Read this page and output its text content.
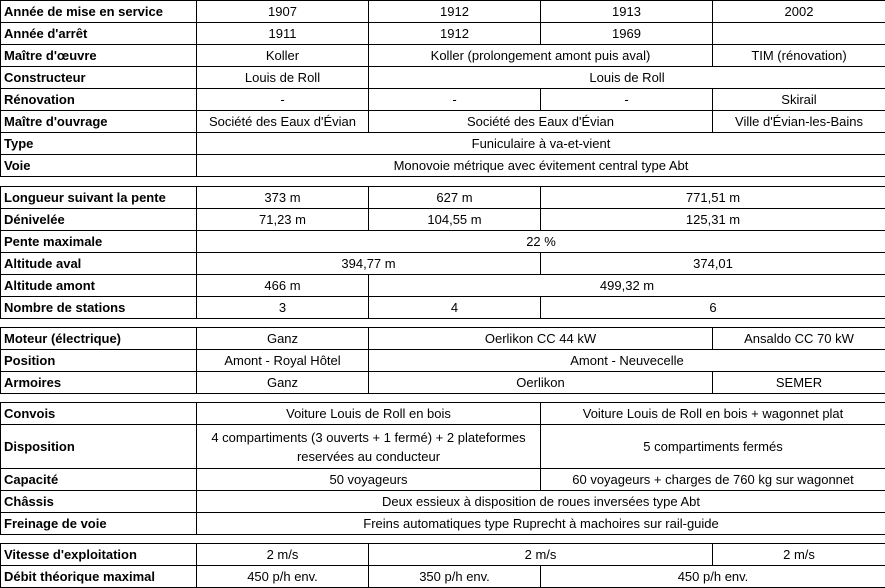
Année de mise en service	1907	1912	1913	2002
Année d'arrêt	1911	1912	1969	
Maître d'œuvre	Koller	Koller (prolongement amont puis aval)		TIM (rénovation)
Constructeur	Louis de Roll	Louis de Roll		
Rénovation	-	-	-	Skirail
Maître d'ouvrage	Société des Eaux d'Évian	Société des Eaux d'Évian		Ville d'Évian-les-Bains
Type	Funiculaire à va-et-vient			
Voie	Monovoie métrique avec évitement central type Abt			
Longueur suivant la pente	373 m	627 m	771,51 m
Dénivelée	71,23 m	104,55 m	125,31 m
Pente maximale	22 %		
Altitude aval	394,77 m		374,01
Altitude amont	466 m	499,32 m	
Nombre de stations	3	4	6
Moteur (électrique)	Ganz	Oerlikon CC 44 kW	Ansaldo CC 70 kW
Position	Amont - Royal Hôtel	Amont - Neuvecelle	
Armoires	Ganz	Oerlikon	SEMER
Convois	Voiture Louis de Roll en bois	Voiture Louis de Roll en bois + wagonnet plat
Disposition	4 compartiments (3 ouverts + 1 fermé) + 2 plateformes reservées au conducteur	5 compartiments fermés
Capacité	50 voyageurs	60 voyageurs + charges de 760 kg sur wagonnet
Châssis	Deux essieux à disposition de roues inversées type Abt	
Freinage de voie	Freins automatiques type Ruprecht à machoires sur rail-guide	
Vitesse d'exploitation	2 m/s	2 m/s		2 m/s
Débit théorique maximal	450 p/h env.	350 p/h env.	450 p/h env.	
